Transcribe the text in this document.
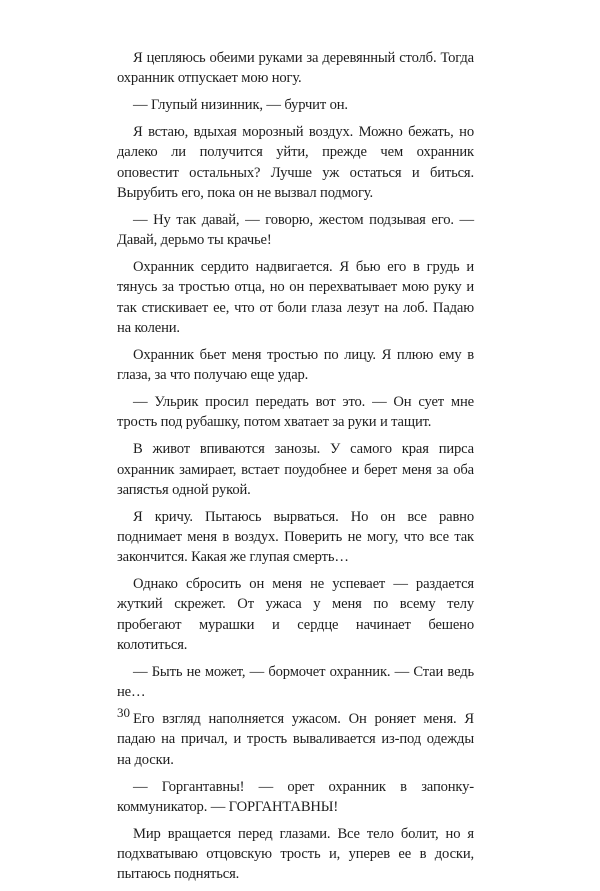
Я цепляюсь обеими руками за деревянный столб. Тогда охранник отпускает мою ногу.

— Глупый низинник, — бурчит он.

Я встаю, вдыхая морозный воздух. Можно бежать, но далеко ли получится уйти, прежде чем охранник оповестит остальных? Лучше уж остаться и биться. Вырубить его, пока он не вызвал подмогу.

— Ну так давай, — говорю, жестом подзывая его. — Давай, дерьмо ты крачье!

Охранник сердито надвигается. Я бью его в грудь и тянусь за тростью отца, но он перехватывает мою руку и так стискивает ее, что от боли глаза лезут на лоб. Падаю на колени.

Охранник бьет меня тростью по лицу. Я плюю ему в глаза, за что получаю еще удар.

— Ульрик просил передать вот это. — Он сует мне трость под рубашку, потом хватает за руки и тащит.

В живот впиваются занозы. У самого края пирса охранник замирает, встает поудобнее и берет меня за оба запястья одной рукой.

Я кричу. Пытаюсь вырваться. Но он все равно поднимает меня в воздух. Поверить не могу, что все так закончится. Какая же глупая смерть…

Однако сбросить он меня не успевает — раздается жуткий скрежет. От ужаса у меня по всему телу пробегают мурашки и сердце начинает бешено колотиться.

— Быть не может, — бормочет охранник. — Стаи ведь не…

Его взгляд наполняется ужасом. Он роняет меня. Я падаю на причал, и трость вываливается из-под одежды на доски.

— Горгантавны! — орет охранник в запонку-коммуникатор. — ГОРГАНТАВНЫ!

Мир вращается перед глазами. Все тело болит, но я подхватываю отцовскую трость и, уперев ее в доски, пытаюсь подняться.

30
